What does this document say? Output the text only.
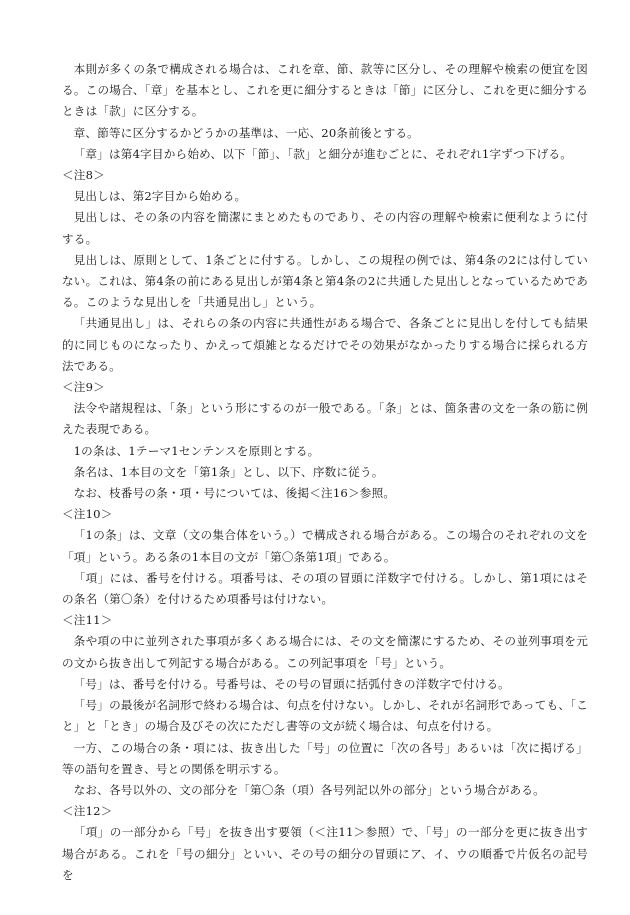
本則が多くの条で構成される場合は、これを章、節、款等に区分し、その理解や検索の便宜を図る。この場合、「章」を基本とし、これを更に細分するときは「節」に区分し、これを更に細分するときは「款」に区分する。

章、節等に区分するかどうかの基準は、一応、20条前後とする。

「章」は第4字目から始め、以下「節」、「款」と細分が進むごとに、それぞれ1字ずつ下げる。

＜注8＞

見出しは、第2字目から始める。

見出しは、その条の内容を簡潔にまとめたものであり、その内容の理解や検索に便利なように付する。

見出しは、原則として、1条ごとに付する。しかし、この規程の例では、第4条の2には付していない。これは、第4条の前にある見出しが第4条と第4条の2に共通した見出しとなっているためである。このような見出しを「共通見出し」という。

「共通見出し」は、それらの条の内容に共通性がある場合で、各条ごとに見出しを付しても結果的に同じものになったり、かえって煩雑となるだけでその効果がなかったりする場合に採られる方法である。

＜注9＞

法令や諸規程は、「条」という形にするのが一般である。「条」とは、箇条書の文を一条の筋に例えた表現である。

1の条は、1テーマ1センテンスを原則とする。

条名は、1本目の文を「第1条」とし、以下、序数に従う。

なお、枝番号の条・項・号については、後掲＜注16＞参照。

＜注10＞

「1の条」は、文章（文の集合体をいう。）で構成される場合がある。この場合のそれぞれの文を「項」という。ある条の1本目の文が「第〇条第1項」である。

「項」には、番号を付ける。項番号は、その項の冒頭に洋数字で付ける。しかし、第1項にはその条名（第〇条）を付けるため項番号は付けない。

＜注11＞

条や項の中に並列された事項が多くある場合には、その文を簡潔にするため、その並列事項を元の文から抜き出して列記する場合がある。この列記事項を「号」という。

「号」は、番号を付ける。号番号は、その号の冒頭に括弧付きの洋数字で付ける。

「号」の最後が名詞形で終わる場合は、句点を付けない。しかし、それが名詞形であっても、「こと」と「とき」の場合及びその次にただし書等の文が続く場合は、句点を付ける。

一方、この場合の条・項には、抜き出した「号」の位置に「次の各号」あるいは「次に掲げる」等の語句を置き、号との関係を明示する。

なお、各号以外の、文の部分を「第〇条（項）各号列記以外の部分」という場合がある。

＜注12＞

「項」の一部分から「号」を抜き出す要領（＜注11＞参照）で、「号」の一部分を更に抜き出す場合がある。これを「号の細分」といい、その号の細分の冒頭にア、イ、ウの順番で片仮名の記号を
